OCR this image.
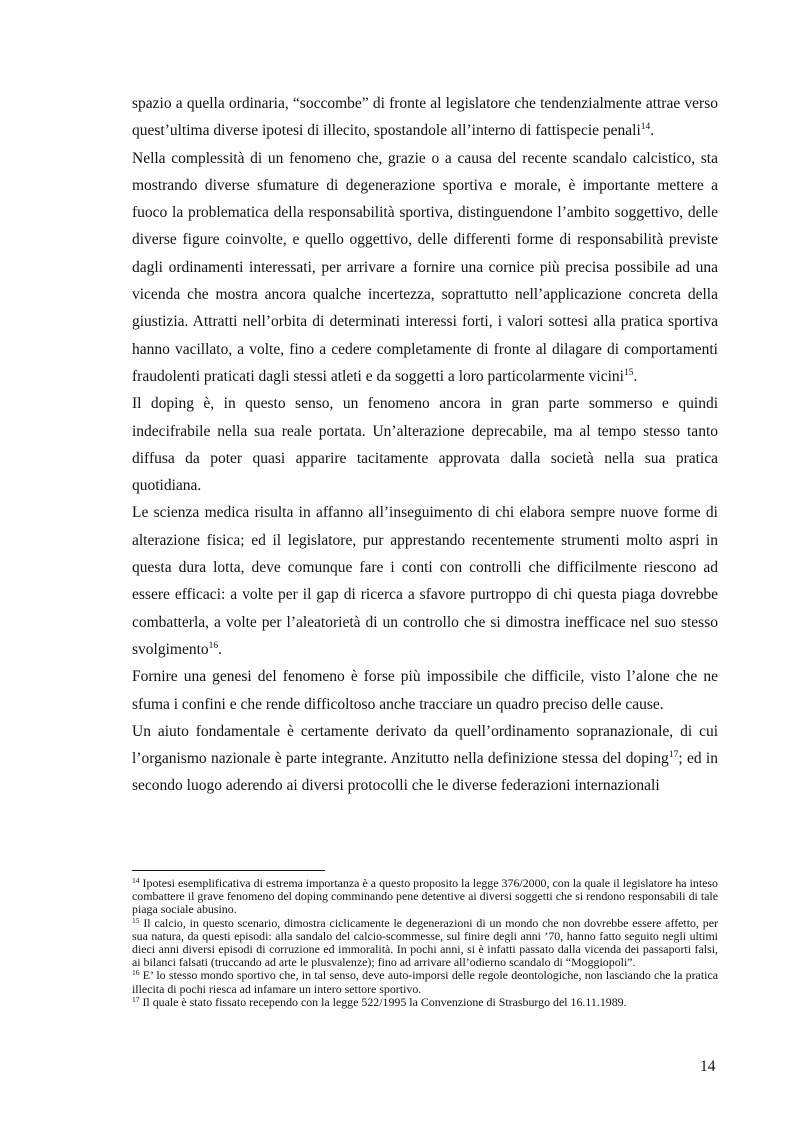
spazio a quella ordinaria, “soccombe” di fronte al legislatore che tendenzialmente attrae verso quest’ultima diverse ipotesi di illecito, spostandole all’interno di fattispecie penali$^{14}$.

Nella complessità di un fenomeno che, grazie o a causa del recente scandalo calcistico, sta mostrando diverse sfumature di degenerazione sportiva e morale, è importante mettere a fuoco la problematica della responsabilità sportiva, distinguendone l’ambito soggettivo, delle diverse figure coinvolte, e quello oggettivo, delle differenti forme di responsabilità previste dagli ordinamenti interessati, per arrivare a fornire una cornice più precisa possibile ad una vicenda che mostra ancora qualche incertezza, soprattutto nell’applicazione concreta della giustizia. Attratti nell’orbita di determinati interessi forti, i valori sottesi alla pratica sportiva hanno vacillato, a volte, fino a cedere completamente di fronte al dilagare di comportamenti fraudolenti praticati dagli stessi atleti e da soggetti a loro particolarmente vicini$^{15}$.

Il doping è, in questo senso, un fenomeno ancora in gran parte sommerso e quindi indecifrabile nella sua reale portata. Un’alterazione deprecabile, ma al tempo stesso tanto diffusa da poter quasi apparire tacitamente approvata dalla società nella sua pratica quotidiana.

Le scienza medica risulta in affanno all’inseguimento di chi elabora sempre nuove forme di alterazione fisica; ed il legislatore, pur apprestando recentemente strumenti molto aspri in questa dura lotta, deve comunque fare i conti con controlli che difficilmente riescono ad essere efficaci: a volte per il gap di ricerca a sfavore purtroppo di chi questa piaga dovrebbe combatterla, a volte per l’aleatorietà di un controllo che si dimostra inefficace nel suo stesso svolgimento$^{16}$.

Fornire una genesi del fenomeno è forse più impossibile che difficile, visto l’alone che ne sfuma i confini e che rende difficoltoso anche tracciare un quadro preciso delle cause.

Un aiuto fondamentale è certamente derivato da quell’ordinamento sopranazionale, di cui l’organismo nazionale è parte integrante. Anzitutto nella definizione stessa del doping$^{17}$; ed in secondo luogo aderendo ai diversi protocolli che le diverse federazioni internazionali

$^{14}$ Ipotesi esemplificativa di estrema importanza è a questo proposito la legge 376/2000, con la quale il legislatore ha inteso combattere il grave fenomeno del doping comminando pene detentive ai diversi soggetti che si rendono responsabili di tale piaga sociale abusino.

$^{15}$ Il calcio, in questo scenario, dimostra ciclicamente le degenerazioni di un mondo che non dovrebbe essere affetto, per sua natura, da questi episodi: alla sandalo del calcio-scommesse, sul finire degli anni ’70, hanno fatto seguito negli ultimi dieci anni diversi episodi di corruzione ed immoralità. In pochi anni, si è infatti passato dalla vicenda dei passaporti falsi, ai bilanci falsati (truccando ad arte le plusvalenze); fino ad arrivare all’odierno scandalo di “Moggiopoli”.

$^{16}$ E’ lo stesso mondo sportivo che, in tal senso, deve auto-imporsi delle regole deontologiche, non lasciando che la pratica illecita di pochi riesca ad infamare un intero settore sportivo.

$^{17}$ Il quale è stato fissato recependo con la legge 522/1995 la Convenzione di Strasburgo del 16.11.1989.

14
